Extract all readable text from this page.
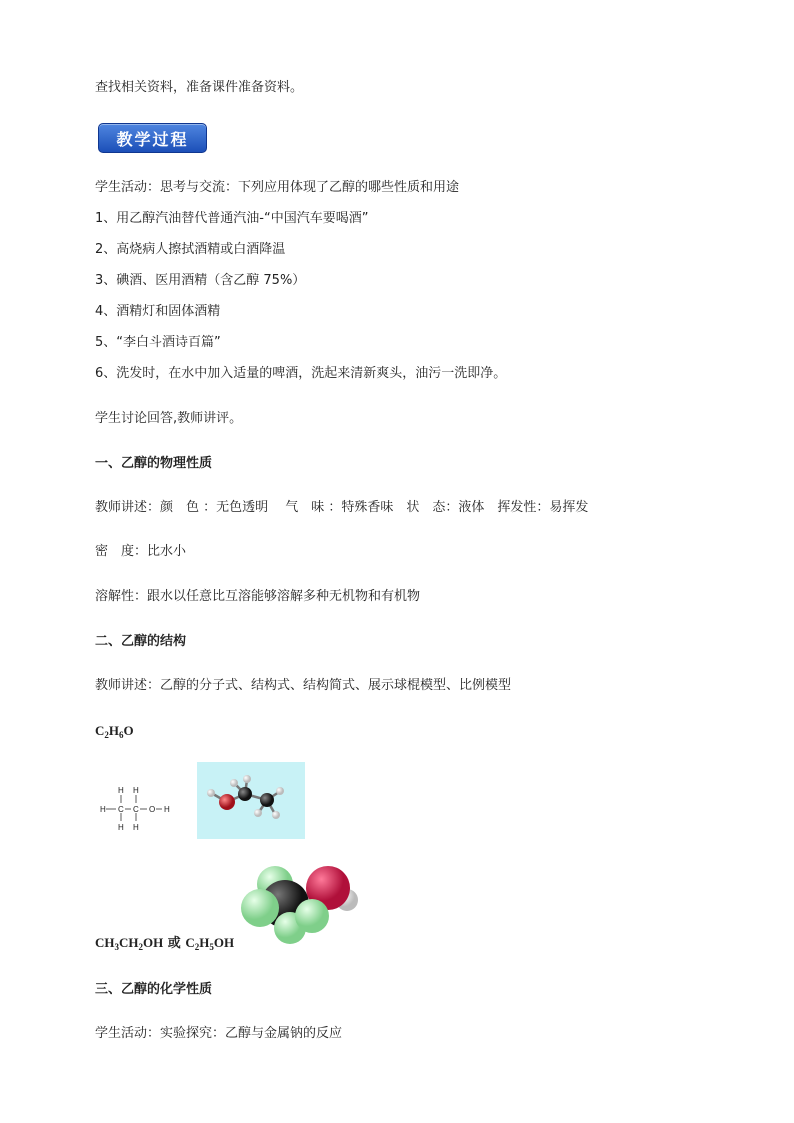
查找相关资料，准备课件准备资料。
教学过程
学生活动：思考与交流：下列应用体现了乙醇的哪些性质和用途
1、用乙醇汽油替代普通汽油-“中国汽车要喝酒”
2、高烧病人擦拭酒精或白酒降温
3、碘酒、医用酒精（含乙醇 75%）
4、酒精灯和固体酒精
5、“李白斗酒诗百篇”
6、洗发时，在水中加入适量的啤酒，洗起来清新爽头，油污一洗即净。
学生讨论回答,教师讲评。
一、乙醇的物理性质
教师讲述：颜　色 ：无色透明　 气　味 ：特殊香味　状　态：液体　挥发性：易挥发
密　度：比水小
溶解性：跟水以任意比互溶能够溶解多种无机物和有机物
二、乙醇的结构
教师讲述：乙醇的分子式、结构式、结构简式、展示球棍模型、比例模型
$C_2H_6O$
H C C O H
H H
H H
$CH_3CH_2OH$ 或 $C_2H_5OH$
三、乙醇的化学性质
学生活动：实验探究：乙醇与金属钠的反应
